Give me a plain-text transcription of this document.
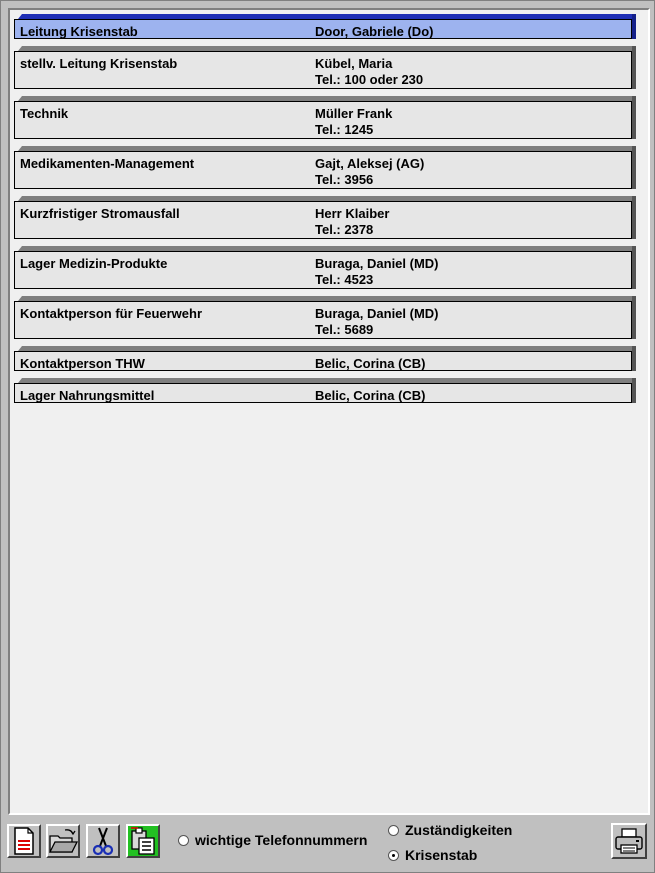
Leitung Krisenstab	Door, Gabriele (Do)
stellv. Leitung Krisenstab	Kübel, Maria
Tel.: 100 oder 230
Technik	Müller Frank
Tel.: 1245
Medikamenten-Management	Gajt, Aleksej (AG)
Tel.: 3956
Kurzfristiger Stromausfall	Herr Klaiber
Tel.: 2378
Lager Medizin-Produkte	Buraga, Daniel (MD)
Tel.: 4523
Kontaktperson für Feuerwehr	Buraga, Daniel (MD)
Tel.: 5689
Kontaktperson THW	Belic, Corina (CB)
Lager Nahrungsmittel	Belic, Corina (CB)
wichtige Telefonnummern
Zuständigkeiten
Krisenstab
